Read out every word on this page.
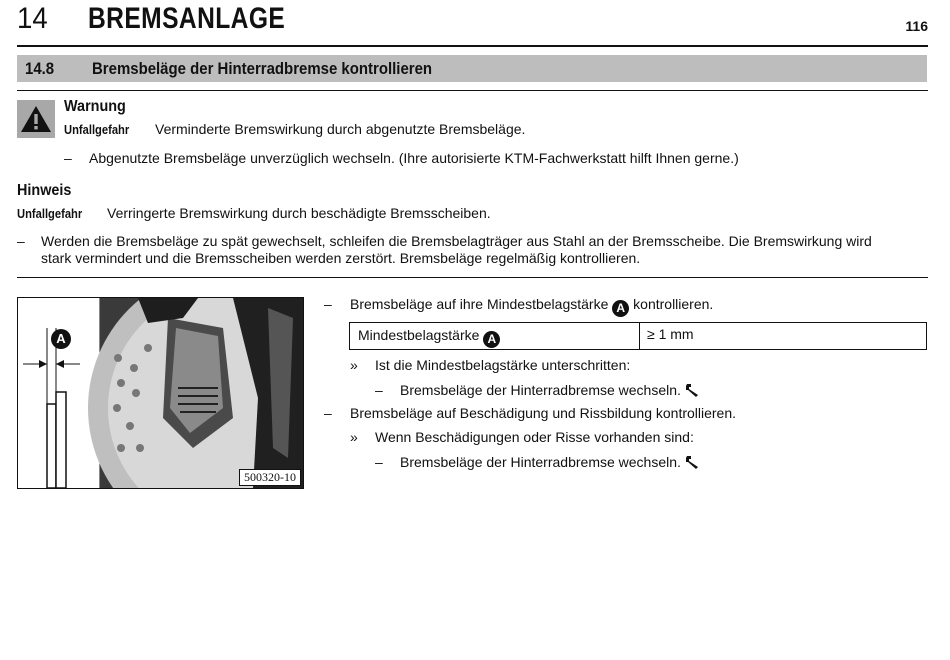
14 BREMSANLAGE	116
14.8 Bremsbeläge der Hinterradbremse kontrollieren
Warnung
Unfallgefahr Verminderte Bremswirkung durch abgenutzte Bremsbeläge.
– Abgenutzte Bremsbeläge unverzüglich wechseln. (Ihre autorisierte KTM-Fachwerkstatt hilft Ihnen gerne.)
Hinweis
Unfallgefahr Verringerte Bremswirkung durch beschädigte Bremsscheiben.
– Werden die Bremsbeläge zu spät gewechselt, schleifen die Bremsbelagträger aus Stahl an der Bremsscheibe. Die Bremswirkung wird
stark vermindert und die Bremsscheiben werden zerstört. Bremsbeläge regelmäßig kontrollieren.
A
500320-10
– Bremsbeläge auf ihre Mindestbelagstärke A kontrollieren.
Mindestbelagstärke A	≥ 1 mm
» Ist die Mindestbelagstärke unterschritten:
– Bremsbeläge der Hinterradbremse wechseln.
– Bremsbeläge auf Beschädigung und Rissbildung kontrollieren.
» Wenn Beschädigungen oder Risse vorhanden sind:
– Bremsbeläge der Hinterradbremse wechseln.
